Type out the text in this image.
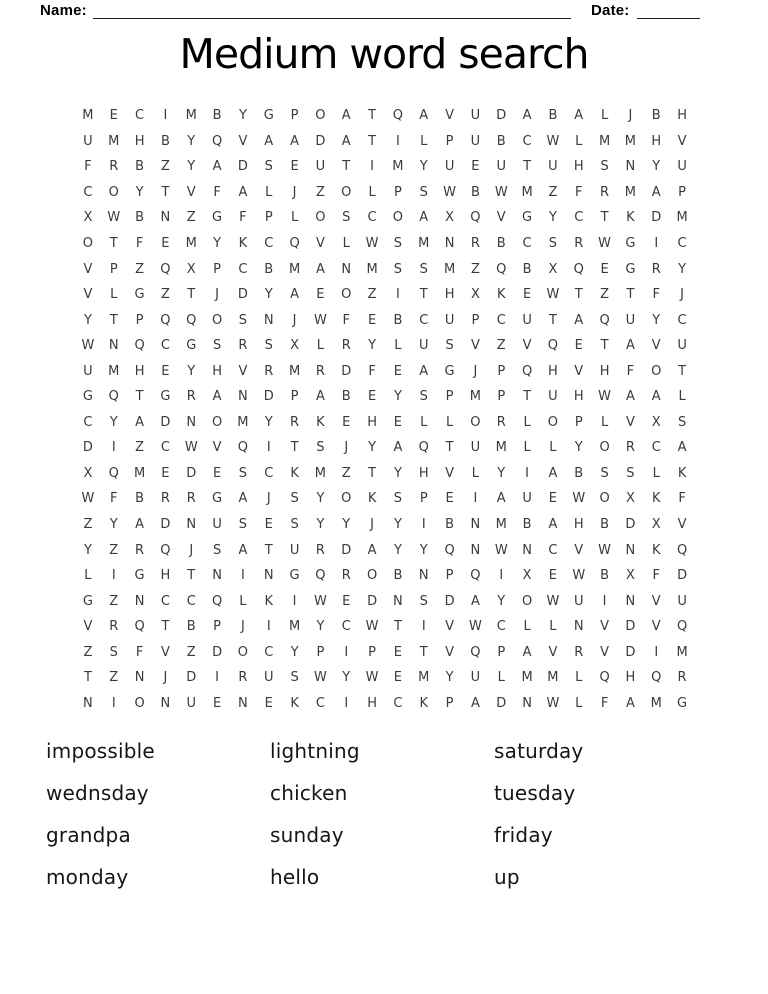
Name:	Date:
Medium word search
M	E	C	I	M	B	Y	G	P	O	A	T	Q	A	V	U	D	A	B	A	L	J	B	H
U	M	H	B	Y	Q	V	A	A	D	A	T	I	L	P	U	B	C	W	L	M	M	H	V
F	R	B	Z	Y	A	D	S	E	U	T	I	M	Y	U	E	U	T	U	H	S	N	Y	U
C	O	Y	T	V	F	A	L	J	Z	O	L	P	S	W	B	W	M	Z	F	R	M	A	P
X	W	B	N	Z	G	F	P	L	O	S	C	O	A	X	Q	V	G	Y	C	T	K	D	M
O	T	F	E	M	Y	K	C	Q	V	L	W	S	M	N	R	B	C	S	R	W	G	I	C
V	P	Z	Q	X	P	C	B	M	A	N	M	S	S	M	Z	Q	B	X	Q	E	G	R	Y
V	L	G	Z	T	J	D	Y	A	E	O	Z	I	T	H	X	K	E	W	T	Z	T	F	J
Y	T	P	Q	Q	O	S	N	J	W	F	E	B	C	U	P	C	U	T	A	Q	U	Y	C
W	N	Q	C	G	S	R	S	X	L	R	Y	L	U	S	V	Z	V	Q	E	T	A	V	U
U	M	H	E	Y	H	V	R	M	R	D	F	E	A	G	J	P	Q	H	V	H	F	O	T
G	Q	T	G	R	A	N	D	P	A	B	E	Y	S	P	M	P	T	U	H	W	A	A	L
C	Y	A	D	N	O	M	Y	R	K	E	H	E	L	L	O	R	L	O	P	L	V	X	S
D	I	Z	C	W	V	Q	I	T	S	J	Y	A	Q	T	U	M	L	L	Y	O	R	C	A
X	Q	M	E	D	E	S	C	K	M	Z	T	Y	H	V	L	Y	I	A	B	S	S	L	K
W	F	B	R	R	G	A	J	S	Y	O	K	S	P	E	I	A	U	E	W	O	X	K	F
Z	Y	A	D	N	U	S	E	S	Y	Y	J	Y	I	B	N	M	B	A	H	B	D	X	V
Y	Z	R	Q	J	S	A	T	U	R	D	A	Y	Y	Q	N	W	N	C	V	W	N	K	Q
L	I	G	H	T	N	I	N	G	Q	R	O	B	N	P	Q	I	X	E	W	B	X	F	D
G	Z	N	C	C	Q	L	K	I	W	E	D	N	S	D	A	Y	O	W	U	I	N	V	U
V	R	Q	T	B	P	J	I	M	Y	C	W	T	I	V	W	C	L	L	N	V	D	V	Q
Z	S	F	V	Z	D	O	C	Y	P	I	P	E	T	V	Q	P	A	V	R	V	D	I	M
T	Z	N	J	D	I	R	U	S	W	Y	W	E	M	Y	U	L	M	M	L	Q	H	Q	R
N	I	O	N	U	E	N	E	K	C	I	H	C	K	P	A	D	N	W	L	F	A	M	G
impossible
wednsday
grandpa
monday
lightning
chicken
sunday
hello
saturday
tuesday
friday
up
